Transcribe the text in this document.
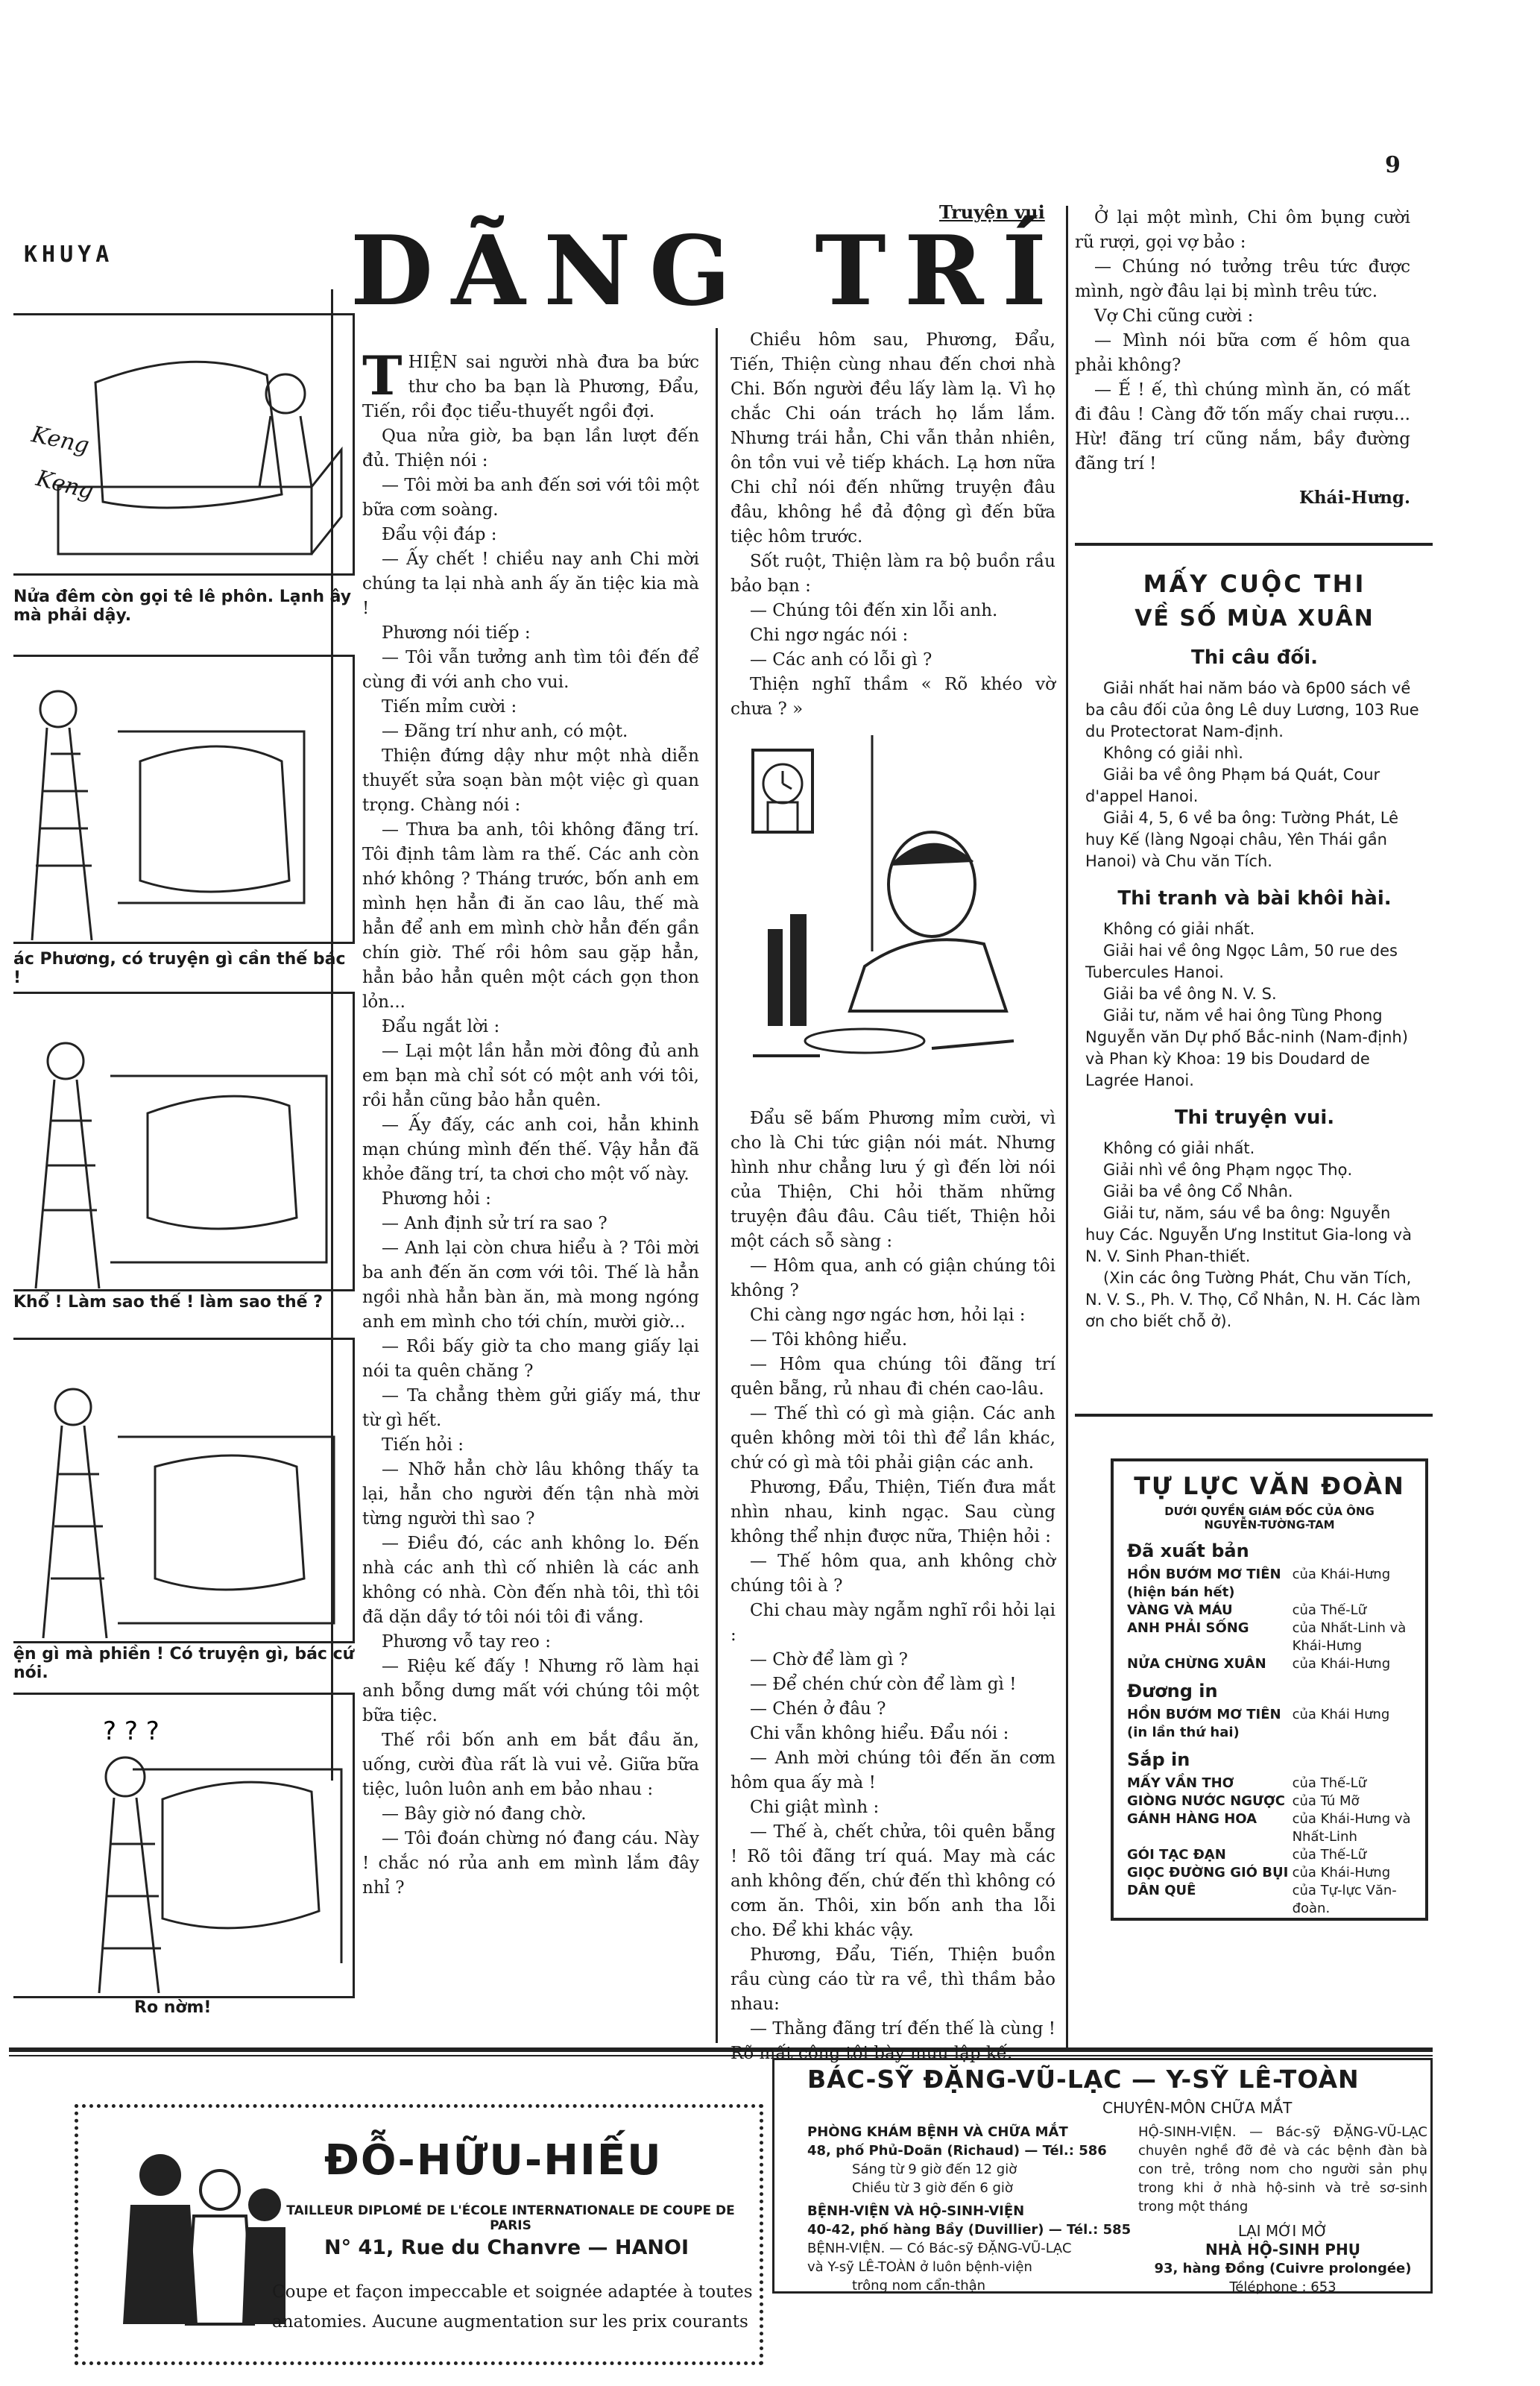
9
KHUYA
Truyện vui
D Ã N G T R Í
Keng
Keng
Nửa đêm còn gọi tê lê phôn. Lạnh ây mà phải dậy.
ác Phương, có truyện gì cần thế bác !
Khổ ! Làm sao thế ! làm sao thế ?
ện gì mà phiền ! Có truyện gì, bác cứ nói.
? ? ?
Ro nờm!
T HIỆN sai người nhà đưa ba bức thư cho ba bạn là Phương, Đẩu, Tiến, rồi đọc tiểu-thuyết ngồi đợi.

Qua nửa giờ, ba bạn lần lượt đến đủ. Thiện nói :

— Tôi mời ba anh đến sơi với tôi một bữa cơm soàng.

Đẩu vội đáp :

— Ấy chết ! chiều nay anh Chi mời chúng ta lại nhà anh ấy ăn tiệc kia mà !

Phương nói tiếp :

— Tôi vẫn tưởng anh tìm tôi đến để cùng đi với anh cho vui.

Tiến mỉm cười :

— Đãng trí như anh, có một.

Thiện đứng dậy như một nhà diễn thuyết sửa soạn bàn một việc gì quan trọng. Chàng nói :

— Thưa ba anh, tôi không đãng trí. Tôi định tâm làm ra thế. Các anh còn nhớ không ? Tháng trước, bốn anh em mình hẹn hẳn đi ăn cao lâu, thế mà hẳn để anh em mình chờ hẳn đến gần chín giờ. Thế rồi hôm sau gặp hẳn, hẳn bảo hẳn quên một cách gọn thon lỏn...

Đẩu ngắt lời :

— Lại một lần hẳn mời đông đủ anh em bạn mà chỉ sót có một anh với tôi, rồi hẳn cũng bảo hẳn quên.

— Ấy đấy, các anh coi, hẳn khinh mạn chúng mình đến thế. Vậy hẳn đã khỏe đãng trí, ta chơi cho một vố này.

Phương hỏi :

— Anh định sử trí ra sao ?

— Anh lại còn chưa hiểu à ? Tôi mời ba anh đến ăn cơm với tôi. Thế là hẳn ngồi nhà hẳn bàn ăn, mà mong ngóng anh em mình cho tới chín, mười giờ...

— Rồi bấy giờ ta cho mang giấy lại nói ta quên chăng ?

— Ta chẳng thèm gửi giấy má, thư từ gì hết.

Tiến hỏi :

— Nhỡ hẳn chờ lâu không thấy ta lại, hẳn cho người đến tận nhà mời từng người thì sao ?

— Điều đó, các anh không lo. Đến nhà các anh thì cố nhiên là các anh không có nhà. Còn đến nhà tôi, thì tôi đã dặn dầy tớ tôi nói tôi đi vắng.

Phương vỗ tay reo :

— Riệu kế đấy ! Nhưng rõ làm hại anh bỗng dưng mất với chúng tôi một bữa tiệc.

Thế rồi bốn anh em bắt đầu ăn, uống, cười đùa rất là vui vẻ. Giữa bữa tiệc, luôn luôn anh em bảo nhau :

— Bây giờ nó đang chờ.

— Tôi đoán chừng nó đang cáu. Này ! chắc nó rủa anh em mình lắm đây nhỉ ?

Chiều hôm sau, Phương, Đẩu, Tiến, Thiện cùng nhau đến chơi nhà Chi. Bốn người đều lấy làm lạ. Vì họ chắc Chi oán trách họ lắm lắm. Nhưng trái hẳn, Chi vẫn thản nhiên, ôn tồn vui vẻ tiếp khách. Lạ hơn nữa Chi chỉ nói đến những truyện đâu đâu, không hề đả động gì đến bữa tiệc hôm trước.

Sốt ruột, Thiện làm ra bộ buồn rầu bảo bạn :

— Chúng tôi đến xin lỗi anh.

Chi ngơ ngác nói :

— Các anh có lỗi gì ?

Thiện nghĩ thầm « Rõ khéo vờ chưa ? »

Đẩu sẽ bấm Phương mỉm cười, vì cho là Chi tức giận nói mát. Nhưng hình như chẳng lưu ý gì đến lời nói của Thiện, Chi hỏi thăm những truyện đâu đâu. Câu tiết, Thiện hỏi một cách sỗ sàng :

— Hôm qua, anh có giận chúng tôi không ?

Chi càng ngơ ngác hơn, hỏi lại :

— Tôi không hiểu.

— Hôm qua chúng tôi đãng trí quên bẵng, rủ nhau đi chén cao-lâu.

— Thế thì có gì mà giận. Các anh quên không mời tôi thì để lần khác, chứ có gì mà tôi phải giận các anh.

Phương, Đẩu, Thiện, Tiến đưa mắt nhìn nhau, kinh ngạc. Sau cùng không thể nhịn được nữa, Thiện hỏi :

— Thế hôm qua, anh không chờ chúng tôi à ?

Chi chau mày ngẫm nghĩ rồi hỏi lại :

— Chờ để làm gì ?

— Để chén chứ còn để làm gì !

— Chén ở đâu ?

Chi vẫn không hiểu. Đẩu nói :

— Anh mời chúng tôi đến ăn cơm hôm qua ấy mà !

Chi giật mình :

— Thế à, chết chửa, tôi quên bẵng ! Rõ tôi đãng trí quá. May mà các anh không đến, chứ đến thì không có cơm ăn. Thôi, xin bốn anh tha lỗi cho. Để khi khác vậy.

Phương, Đẩu, Tiến, Thiện buồn rầu cùng cáo từ ra về, thì thầm bảo nhau:

— Thằng đãng trí đến thế là cùng ! Rõ mất công tôi bày mưu lập kế.

Ở lại một mình, Chi ôm bụng cười rũ rượi, gọi vợ bảo :

— Chúng nó tưởng trêu tức được mình, ngờ đâu lại bị mình trêu tức.

Vợ Chi cũng cười :

— Mình nói bữa cơm ế hôm qua phải không?

— Ế ! ế, thì chúng mình ăn, có mất đi đâu ! Càng đỡ tốn mấy chai rượu... Hừ! đãng trí cũng nắm, bầy đường đãng trí !

Khái-Hưng.

MẤY CUỘC THI
VỀ SỐ MÙA XUÂN
Thi câu đối.

Giải nhất hai năm báo và 6p00 sách về ba câu đối của ông Lê duy Lương, 103 Rue du Protectorat Nam-định.

Không có giải nhì.

Giải ba về ông Phạm bá Quát, Cour d'appel Hanoi.

Giải 4, 5, 6 về ba ông: Tường Phát, Lê huy Kế (làng Ngoại châu, Yên Thái gần Hanoi) và Chu văn Tích.

Thi tranh và bài khôi hài.

Không có giải nhất.

Giải hai về ông Ngọc Lâm, 50 rue des Tubercules Hanoi.

Giải ba về ông N. V. S.

Giải tư, năm về hai ông Tùng Phong Nguyễn văn Dự phố Bắc-ninh (Nam-định) và Phan kỳ Khoa: 19 bis Doudard de Lagrée Hanoi.

Thi truyện vui.

Không có giải nhất.

Giải nhì về ông Phạm ngọc Thọ.

Giải ba về ông Cổ Nhân.

Giải tư, năm, sáu về ba ông: Nguyễn huy Các. Nguyễn Ưng Institut Gia-long và N. V. Sinh Phan-thiết.

(Xin các ông Tường Phát, Chu văn Tích, N. V. S., Ph. V. Thọ, Cổ Nhân, N. H. Các làm ơn cho biết chỗ ở).

TỰ LỰC VĂN ĐOÀN
DƯỚI QUYỀN GIÁM ĐỐC CỦA ÔNG
NGUYỄN-TƯỜNG-TAM
Đã xuất bản
HỒN BƯỚM MƠ TIÊN (hiện bán hết)
của Khái-Hưng
VÀNG VÀ MÁU	của Thế-Lữ
ANH PHẢI SỐNG	của Nhất-Linh và Khái-Hưng
NỬA CHỪNG XUÂN	của Khái-Hưng
Đương in
HỒN BƯỚM MƠ TIÊN (in lần thứ hai)
của Khái Hưng
Sắp in
MẤY VẦN THƠ	của Thế-Lữ
GIÒNG NƯỚC NGƯỢC của Tú Mỡ
GÁNH HÀNG HOA	của Khái-Hưng và Nhất-Linh
GÓI TẠC ĐẠN	của Thế-Lữ
GIỌC ĐƯỜNG GIÓ BỤI của Khái-Hưng
DÂN QUÊ	của Tự-lực Văn-đoàn.
ĐỖ-HỮU-HIẾU
TAILLEUR DIPLOMÉ DE L'ÉCOLE INTERNATIONALE DE COUPE DE PARIS
N° 41, Rue du Chanvre — HANOI
Coupe et façon impeccable et soignée adaptée à toutes
anatomies. Aucune augmentation sur les prix courants
BÁC-SỸ ĐẶNG-VŨ-LẠC — Y-SỸ LÊ-TOÀN
CHUYÊN-MÔN CHỮA MẮT
PHÒNG KHÁM BỆNH VÀ CHỮA MẮT
48, phố Phủ-Doãn (Richaud) — Tél.: 586
Sáng từ 9 giờ đến 12 giờ
Chiều từ 3 giờ đến 6 giờ
BỆNH-VIỆN VÀ HỘ-SINH-VIỆN
40-42, phố hàng Bầy (Duvillier) — Tél.: 585
BỆNH-VIỆN. — Có Bác-sỹ ĐẶNG-VŨ-LẠC
và Y-sỹ LÊ-TOÀN ở luôn bệnh-viện
trông nom cẩn-thận
HỘ-SINH-VIỆN. — Bác-sỹ ĐẶNG-VŨ-LẠC chuyên nghề đỡ đẻ và các bệnh đàn bà con trẻ, trông nom cho người sản phụ trong khi ở nhà hộ-sinh và trẻ sơ-sinh trong một tháng
LẠI MỚI MỞ
NHÀ HỘ-SINH PHỤ
93, hàng Đồng (Cuivre prolongée)
Téléphone : 653
